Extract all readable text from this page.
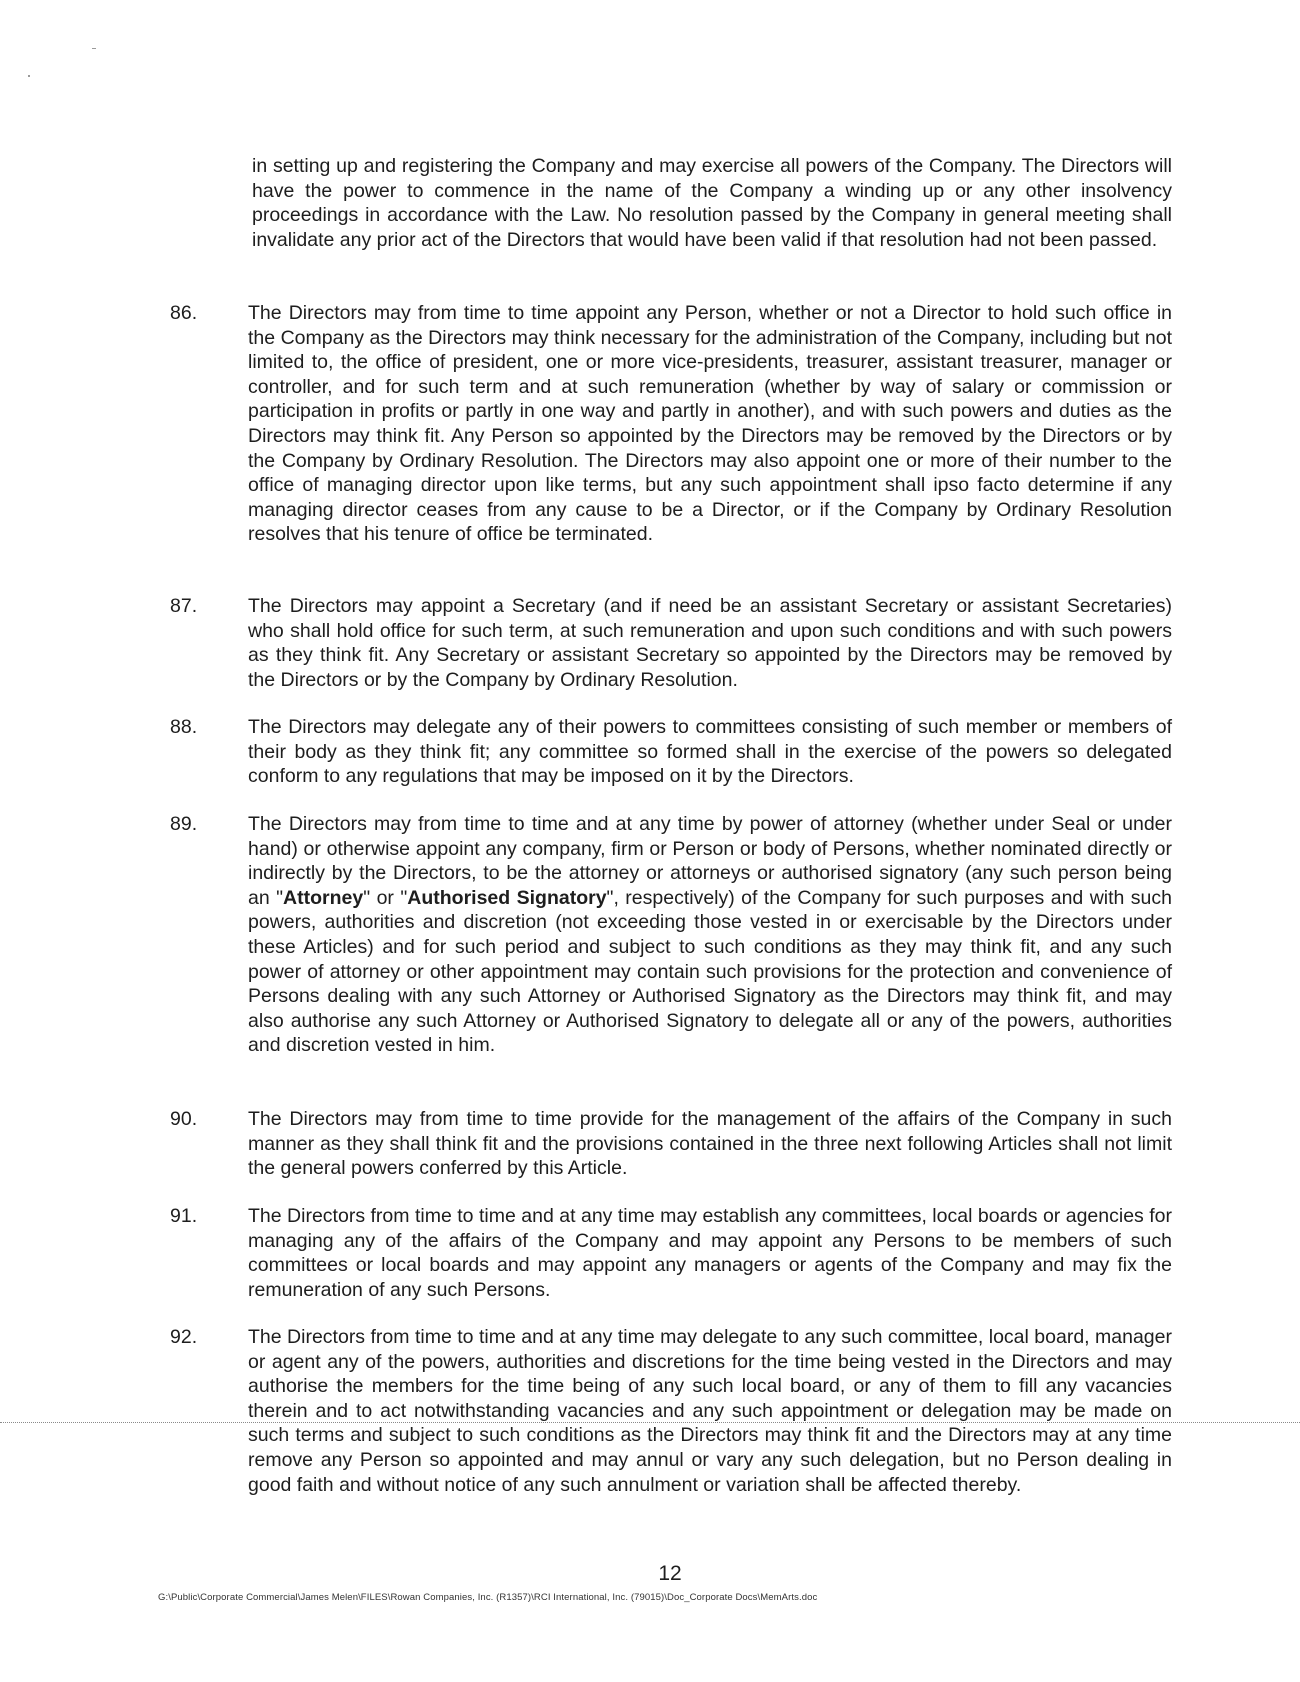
in setting up and registering the Company and may exercise all powers of the Company. The Directors will have the power to commence in the name of the Company a winding up or any other insolvency proceedings in accordance with the Law. No resolution passed by the Company in general meeting shall invalidate any prior act of the Directors that would have been valid if that resolution had not been passed.
86.	The Directors may from time to time appoint any Person, whether or not a Director to hold such office in the Company as the Directors may think necessary for the administration of the Company, including but not limited to, the office of president, one or more vice-presidents, treasurer, assistant treasurer, manager or controller, and for such term and at such remuneration (whether by way of salary or commission or participation in profits or partly in one way and partly in another), and with such powers and duties as the Directors may think fit. Any Person so appointed by the Directors may be removed by the Directors or by the Company by Ordinary Resolution. The Directors may also appoint one or more of their number to the office of managing director upon like terms, but any such appointment shall ipso facto determine if any managing director ceases from any cause to be a Director, or if the Company by Ordinary Resolution resolves that his tenure of office be terminated.
87.	The Directors may appoint a Secretary (and if need be an assistant Secretary or assistant Secretaries) who shall hold office for such term, at such remuneration and upon such conditions and with such powers as they think fit. Any Secretary or assistant Secretary so appointed by the Directors may be removed by the Directors or by the Company by Ordinary Resolution.
88.	The Directors may delegate any of their powers to committees consisting of such member or members of their body as they think fit; any committee so formed shall in the exercise of the powers so delegated conform to any regulations that may be imposed on it by the Directors.
89.	The Directors may from time to time and at any time by power of attorney (whether under Seal or under hand) or otherwise appoint any company, firm or Person or body of Persons, whether nominated directly or indirectly by the Directors, to be the attorney or attorneys or authorised signatory (any such person being an "Attorney" or "Authorised Signatory", respectively) of the Company for such purposes and with such powers, authorities and discretion (not exceeding those vested in or exercisable by the Directors under these Articles) and for such period and subject to such conditions as they may think fit, and any such power of attorney or other appointment may contain such provisions for the protection and convenience of Persons dealing with any such Attorney or Authorised Signatory as the Directors may think fit, and may also authorise any such Attorney or Authorised Signatory to delegate all or any of the powers, authorities and discretion vested in him.
90.	The Directors may from time to time provide for the management of the affairs of the Company in such manner as they shall think fit and the provisions contained in the three next following Articles shall not limit the general powers conferred by this Article.
91.	The Directors from time to time and at any time may establish any committees, local boards or agencies for managing any of the affairs of the Company and may appoint any Persons to be members of such committees or local boards and may appoint any managers or agents of the Company and may fix the remuneration of any such Persons.
92.	The Directors from time to time and at any time may delegate to any such committee, local board, manager or agent any of the powers, authorities and discretions for the time being vested in the Directors and may authorise the members for the time being of any such local board, or any of them to fill any vacancies therein and to act notwithstanding vacancies and any such appointment or delegation may be made on such terms and subject to such conditions as the Directors may think fit and the Directors may at any time remove any Person so appointed and may annul or vary any such delegation, but no Person dealing in good faith and without notice of any such annulment or variation shall be affected thereby.
12
G:\Public\Corporate Commercial\James Melen\FILES\Rowan Companies, Inc. (R1357)\RCI International, Inc. (79015)\Doc_Corporate Docs\MemArts.doc
